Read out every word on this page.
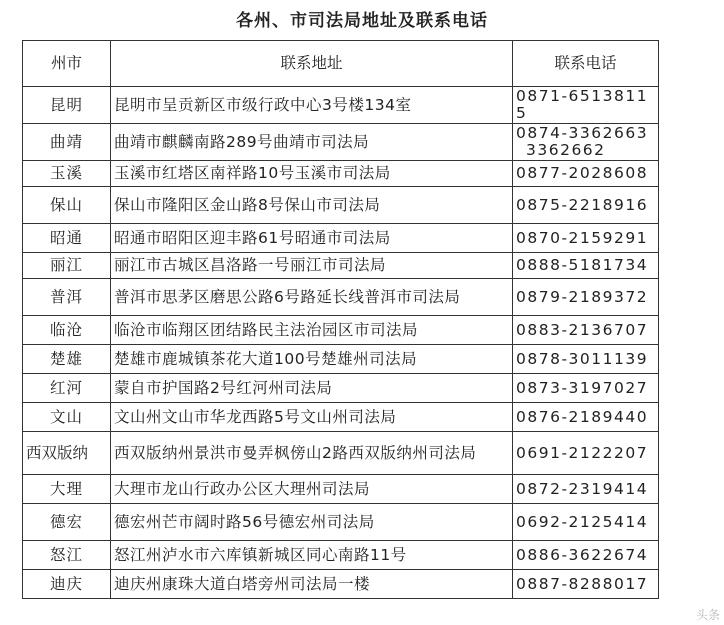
各州、市司法局地址及联系电话
州市	联系地址	联系电话
昆明	昆明市呈贡新区市级行政中心3号楼134室	0871-6513811
5

曲靖	曲靖市麒麟南路289号曲靖市司法局	0874-3362663
3362662

玉溪	玉溪市红塔区南祥路10号玉溪市司法局	0877-2028608

保山	保山市隆阳区金山路8号保山市司法局	0875-2218916

昭通	昭通市昭阳区迎丰路61号昭通市司法局	0870-2159291

丽江	丽江市古城区昌洛路一号丽江市司法局	0888-5181734

普洱	普洱市思茅区磨思公路6号路延长线普洱市司法局	0879-2189372

临沧	临沧市临翔区团结路民主法治园区市司法局	0883-2136707

楚雄	楚雄市鹿城镇茶花大道100号楚雄州司法局	0878-3011139

红河	蒙自市护国路2号红河州司法局	0873-3197027

文山	文山州文山市华龙西路5号文山州司法局	0876-2189440

西双版纳	西双版纳州景洪市曼弄枫傍山2路西双版纳州司法局	0691-2122207

大理	大理市龙山行政办公区大理州司法局	0872-2319414

德宏	德宏州芒市阔时路56号德宏州司法局	0692-2125414

怒江	怒江州泸水市六库镇新城区同心南路11号	0886-3622674

迪庆	迪庆州康珠大道白塔旁州司法局一楼	0887-8288017
头条
